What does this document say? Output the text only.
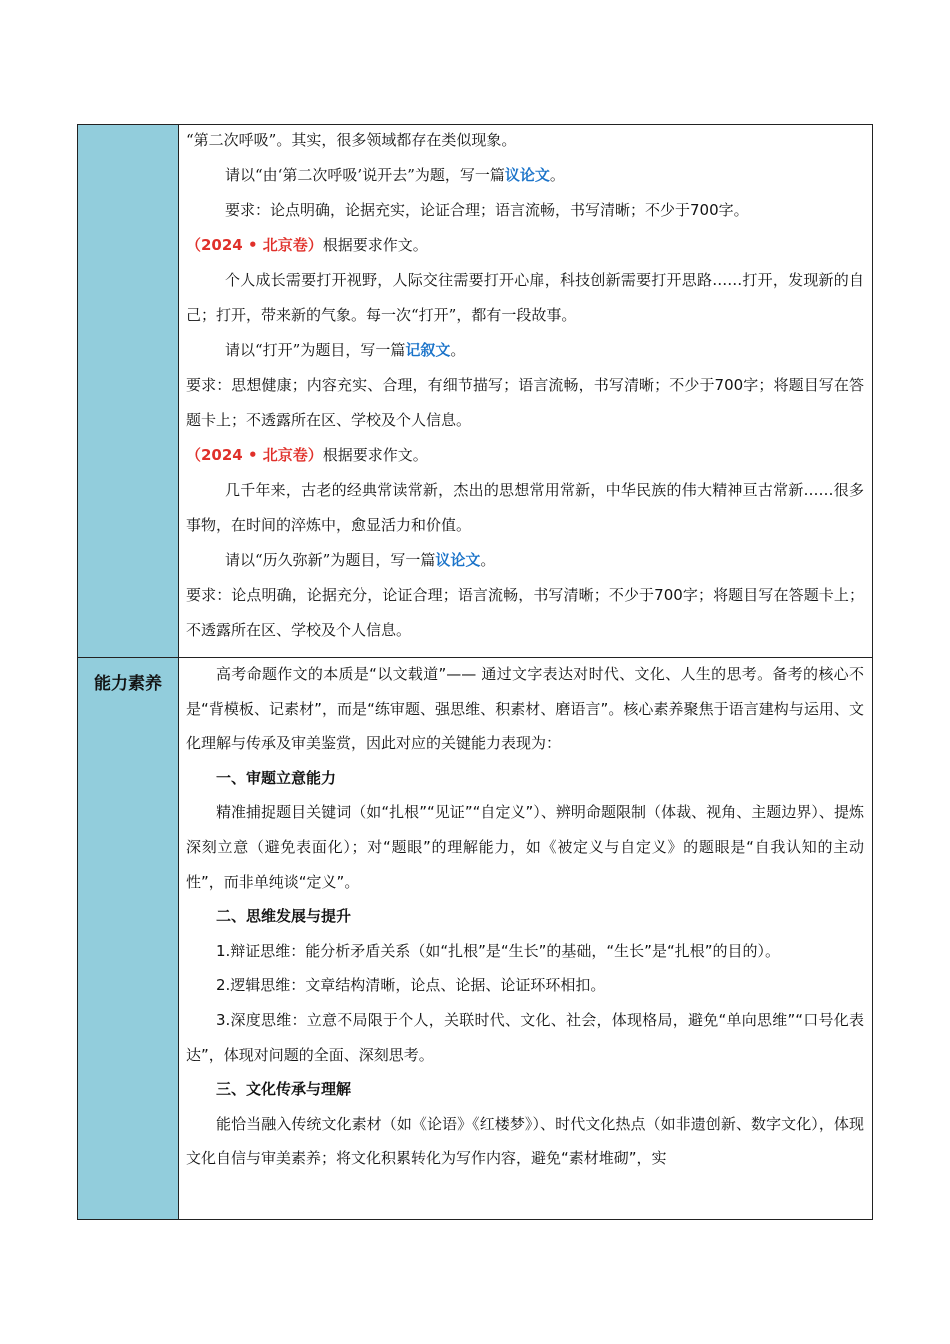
能力素养

“第二次呼吸”。其实，很多领域都存在类似现象。

请以“由‘第二次呼吸’说开去”为题，写一篇议论文。

要求：论点明确，论据充实，论证合理；语言流畅，书写清晰；不少于700字。

（2024 • 北京卷）根据要求作文。

个人成长需要打开视野，人际交往需要打开心扉，科技创新需要打开思路……打开，发现新的自己；打开，带来新的气象。每一次“打开”，都有一段故事。

请以“打开”为题目，写一篇记叙文。

要求：思想健康；内容充实、合理，有细节描写；语言流畅，书写清晰；不少于700字；将题目写在答题卡上；不透露所在区、学校及个人信息。

（2024 • 北京卷）根据要求作文。

几千年来，古老的经典常读常新，杰出的思想常用常新，中华民族的伟大精神亘古常新……很多事物，在时间的淬炼中，愈显活力和价值。

请以“历久弥新”为题目，写一篇议论文。

要求：论点明确，论据充分，论证合理；语言流畅，书写清晰；不少于700字；将题目写在答题卡上；不透露所在区、学校及个人信息。

高考命题作文的本质是“以文载道”—— 通过文字表达对时代、文化、人生的思考。备考的核心不是“背模板、记素材”，而是“练审题、强思维、积素材、磨语言”。核心素养聚焦于语言建构与运用、文化理解与传承及审美鉴赏，因此对应的关键能力表现为：

一、审题立意能力

精准捕捉题目关键词（如“扎根”“见证”“自定义”）、辨明命题限制（体裁、视角、主题边界）、提炼深刻立意（避免表面化）；对“题眼”的理解能力，如《被定义与自定义》的题眼是“自我认知的主动性”，而非单纯谈“定义”。

二、思维发展与提升

1.辩证思维：能分析矛盾关系（如“扎根”是“生长”的基础，“生长”是“扎根”的目的）。

2.逻辑思维：文章结构清晰，论点、论据、论证环环相扣。

3.深度思维：立意不局限于个人，关联时代、文化、社会，体现格局，避免“单向思维”“口号化表达”，体现对问题的全面、深刻思考。

三、文化传承与理解

能恰当融入传统文化素材（如《论语》《红楼梦》）、时代文化热点（如非遗创新、数字文化），体现文化自信与审美素养；将文化积累转化为写作内容，避免“素材堆砌”，实
